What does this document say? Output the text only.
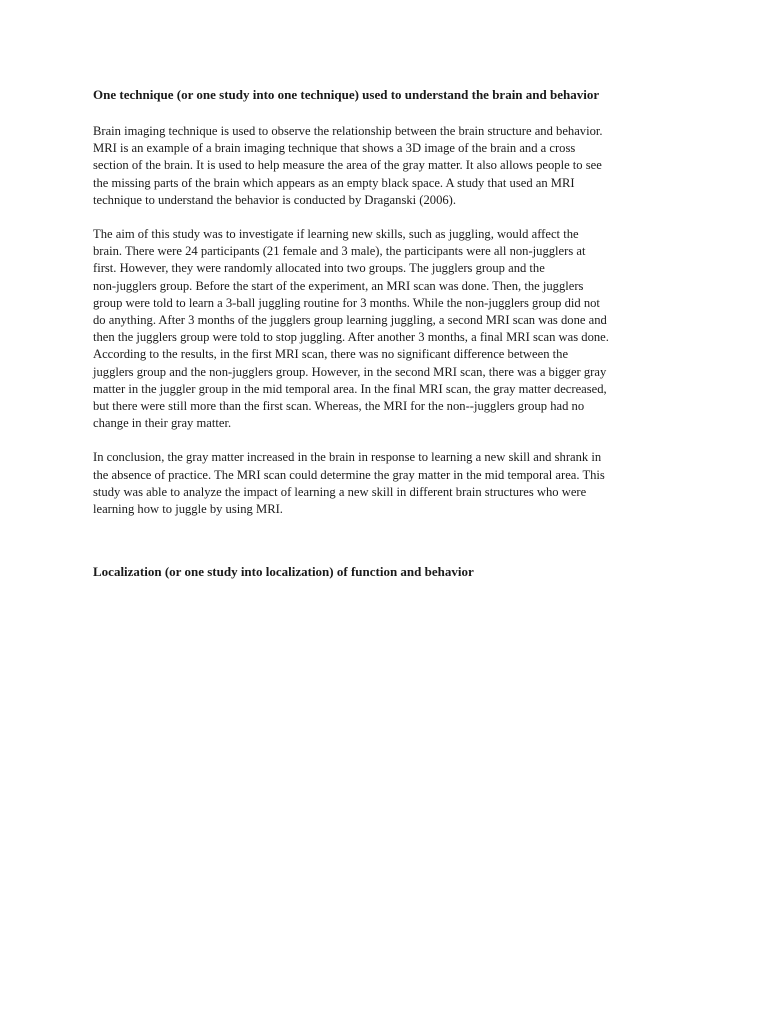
One technique (or one study into one technique) used to understand the brain and behavior

Brain imaging technique is used to observe the relationship between the brain structure and behavior.
MRI is an example of a brain imaging technique that shows a 3D image of the brain and a cross
section of the brain. It is used to help measure the area of the gray matter. It also allows people to see
the missing parts of the brain which appears as an empty black space. A study that used an MRI
technique to understand the behavior is conducted by Draganski (2006).

The aim of this study was to investigate if learning new skills, such as juggling, would affect the
brain. There were 24 participants (21 female and 3 male), the participants were all non-jugglers at
first. However, they were randomly allocated into two groups. The jugglers group and the
non-jugglers group. Before the start of the experiment, an MRI scan was done. Then, the jugglers
group were told to learn a 3-ball juggling routine for 3 months. While the non-jugglers group did not
do anything. After 3 months of the jugglers group learning juggling, a second MRI scan was done and
then the jugglers group were told to stop juggling. After another 3 months, a final MRI scan was done.
According to the results, in the first MRI scan, there was no significant difference between the
jugglers group and the non-jugglers group. However, in the second MRI scan, there was a bigger gray
matter in the juggler group in the mid temporal area. In the final MRI scan, the gray matter decreased,
but there were still more than the first scan. Whereas, the MRI for the non--jugglers group had no
change in their gray matter.

In conclusion, the gray matter increased in the brain in response to learning a new skill and shrank in
the absence of practice. The MRI scan could determine the gray matter in the mid temporal area. This
study was able to analyze the impact of learning a new skill in different brain structures who were
learning how to juggle by using MRI.

Localization (or one study into localization) of function and behavior
